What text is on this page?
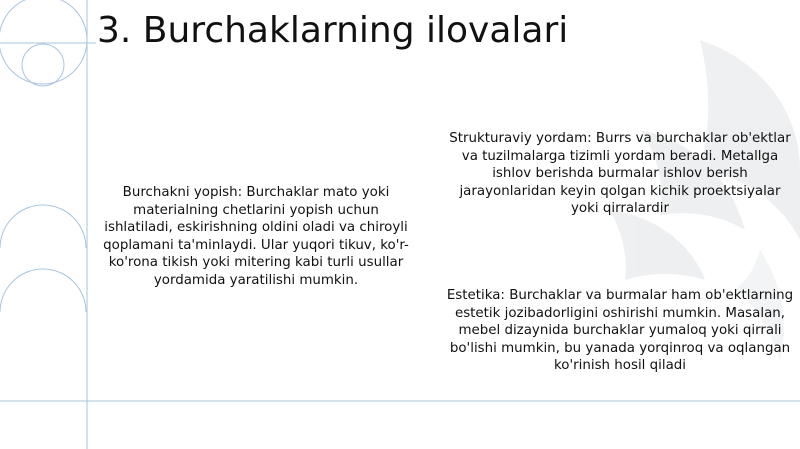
3. Burchaklarning ilovalari
Burchakni yopish: Burchaklar mato yoki materialning chetlarini yopish uchun ishlatiladi, eskirishning oldini oladi va chiroyli qoplamani ta'minlaydi. Ular yuqori tikuv, ko'r-ko'rona tikish yoki mitering kabi turli usullar yordamida yaratilishi mumkin.
Strukturaviy yordam: Burrs va burchaklar ob'ektlar va tuzilmalarga tizimli yordam beradi. Metallga ishlov berishda burmalar ishlov berish jarayonlaridan keyin qolgan kichik proektsiyalar yoki qirralardir
Estetika: Burchaklar va burmalar ham ob'ektlarning estetik jozibadorligini oshirishi mumkin. Masalan, mebel dizaynida burchaklar yumaloq yoki qirrali bo'lishi mumkin, bu yanada yorqinroq va oqlangan ko'rinish hosil qiladi
